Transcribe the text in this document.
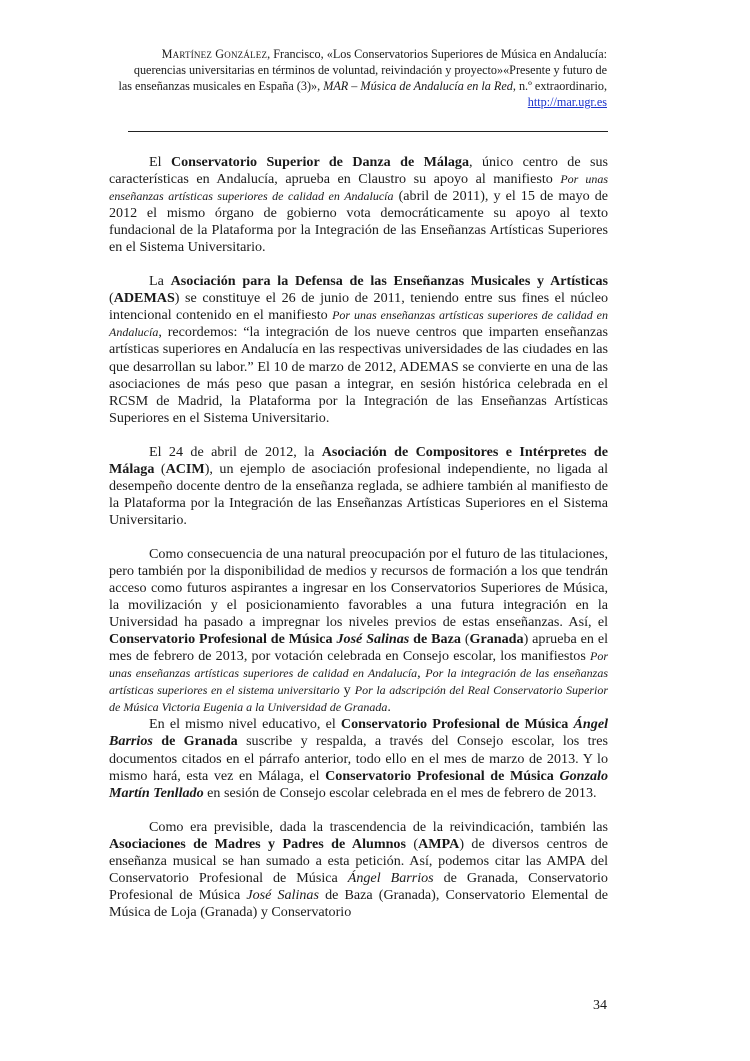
Martínez González, Francisco, «Los Conservatorios Superiores de Música en Andalucía:
querencias universitarias en términos de voluntad, reivindación y proyecto»«Presente y futuro de
las enseñanzas musicales en España (3)», MAR – Música de Andalucía en la Red, n.º extraordinario,
http://mar.ugr.es

El Conservatorio Superior de Danza de Málaga, único centro de sus características en Andalucía, aprueba en Claustro su apoyo al manifiesto Por unas enseñanzas artísticas superiores de calidad en Andalucía (abril de 2011), y el 15 de mayo de 2012 el mismo órgano de gobierno vota democráticamente su apoyo al texto fundacional de la Plataforma por la Integración de las Enseñanzas Artísticas Superiores en el Sistema Universitario.

La Asociación para la Defensa de las Enseñanzas Musicales y Artísticas (ADEMAS) se constituye el 26 de junio de 2011, teniendo entre sus fines el núcleo intencional contenido en el manifiesto Por unas enseñanzas artísticas superiores de calidad en Andalucía, recordemos: “la integración de los nueve centros que imparten enseñanzas artísticas superiores en Andalucía en las respectivas universidades de las ciudades en las que desarrollan su labor.” El 10 de marzo de 2012, ADEMAS se convierte en una de las asociaciones de más peso que pasan a integrar, en sesión histórica celebrada en el RCSM de Madrid, la Plataforma por la Integración de las Enseñanzas Artísticas Superiores en el Sistema Universitario.

El 24 de abril de 2012, la Asociación de Compositores e Intérpretes de Málaga (ACIM), un ejemplo de asociación profesional independiente, no ligada al desempeño docente dentro de la enseñanza reglada, se adhiere también al manifiesto de la Plataforma por la Integración de las Enseñanzas Artísticas Superiores en el Sistema Universitario.

Como consecuencia de una natural preocupación por el futuro de las titulaciones, pero también por la disponibilidad de medios y recursos de formación a los que tendrán acceso como futuros aspirantes a ingresar en los Conservatorios Superiores de Música, la movilización y el posicionamiento favorables a una futura integración en la Universidad ha pasado a impregnar los niveles previos de estas enseñanzas. Así, el Conservatorio Profesional de Música José Salinas de Baza (Granada) aprueba en el mes de febrero de 2013, por votación celebrada en Consejo escolar, los manifiestos Por unas enseñanzas artísticas superiores de calidad en Andalucía, Por la integración de las enseñanzas artísticas superiores en el sistema universitario y Por la adscripción del Real Conservatorio Superior de Música Victoria Eugenia a la Universidad de Granada.

En el mismo nivel educativo, el Conservatorio Profesional de Música Ángel Barrios de Granada suscribe y respalda, a través del Consejo escolar, los tres documentos citados en el párrafo anterior, todo ello en el mes de marzo de 2013. Y lo mismo hará, esta vez en Málaga, el Conservatorio Profesional de Música Gonzalo Martín Tenllado en sesión de Consejo escolar celebrada en el mes de febrero de 2013.

Como era previsible, dada la trascendencia de la reivindicación, también las Asociaciones de Madres y Padres de Alumnos (AMPA) de diversos centros de enseñanza musical se han sumado a esta petición. Así, podemos citar las AMPA del Conservatorio Profesional de Música Ángel Barrios de Granada, Conservatorio Profesional de Música José Salinas de Baza (Granada), Conservatorio Elemental de Música de Loja (Granada) y Conservatorio

34
